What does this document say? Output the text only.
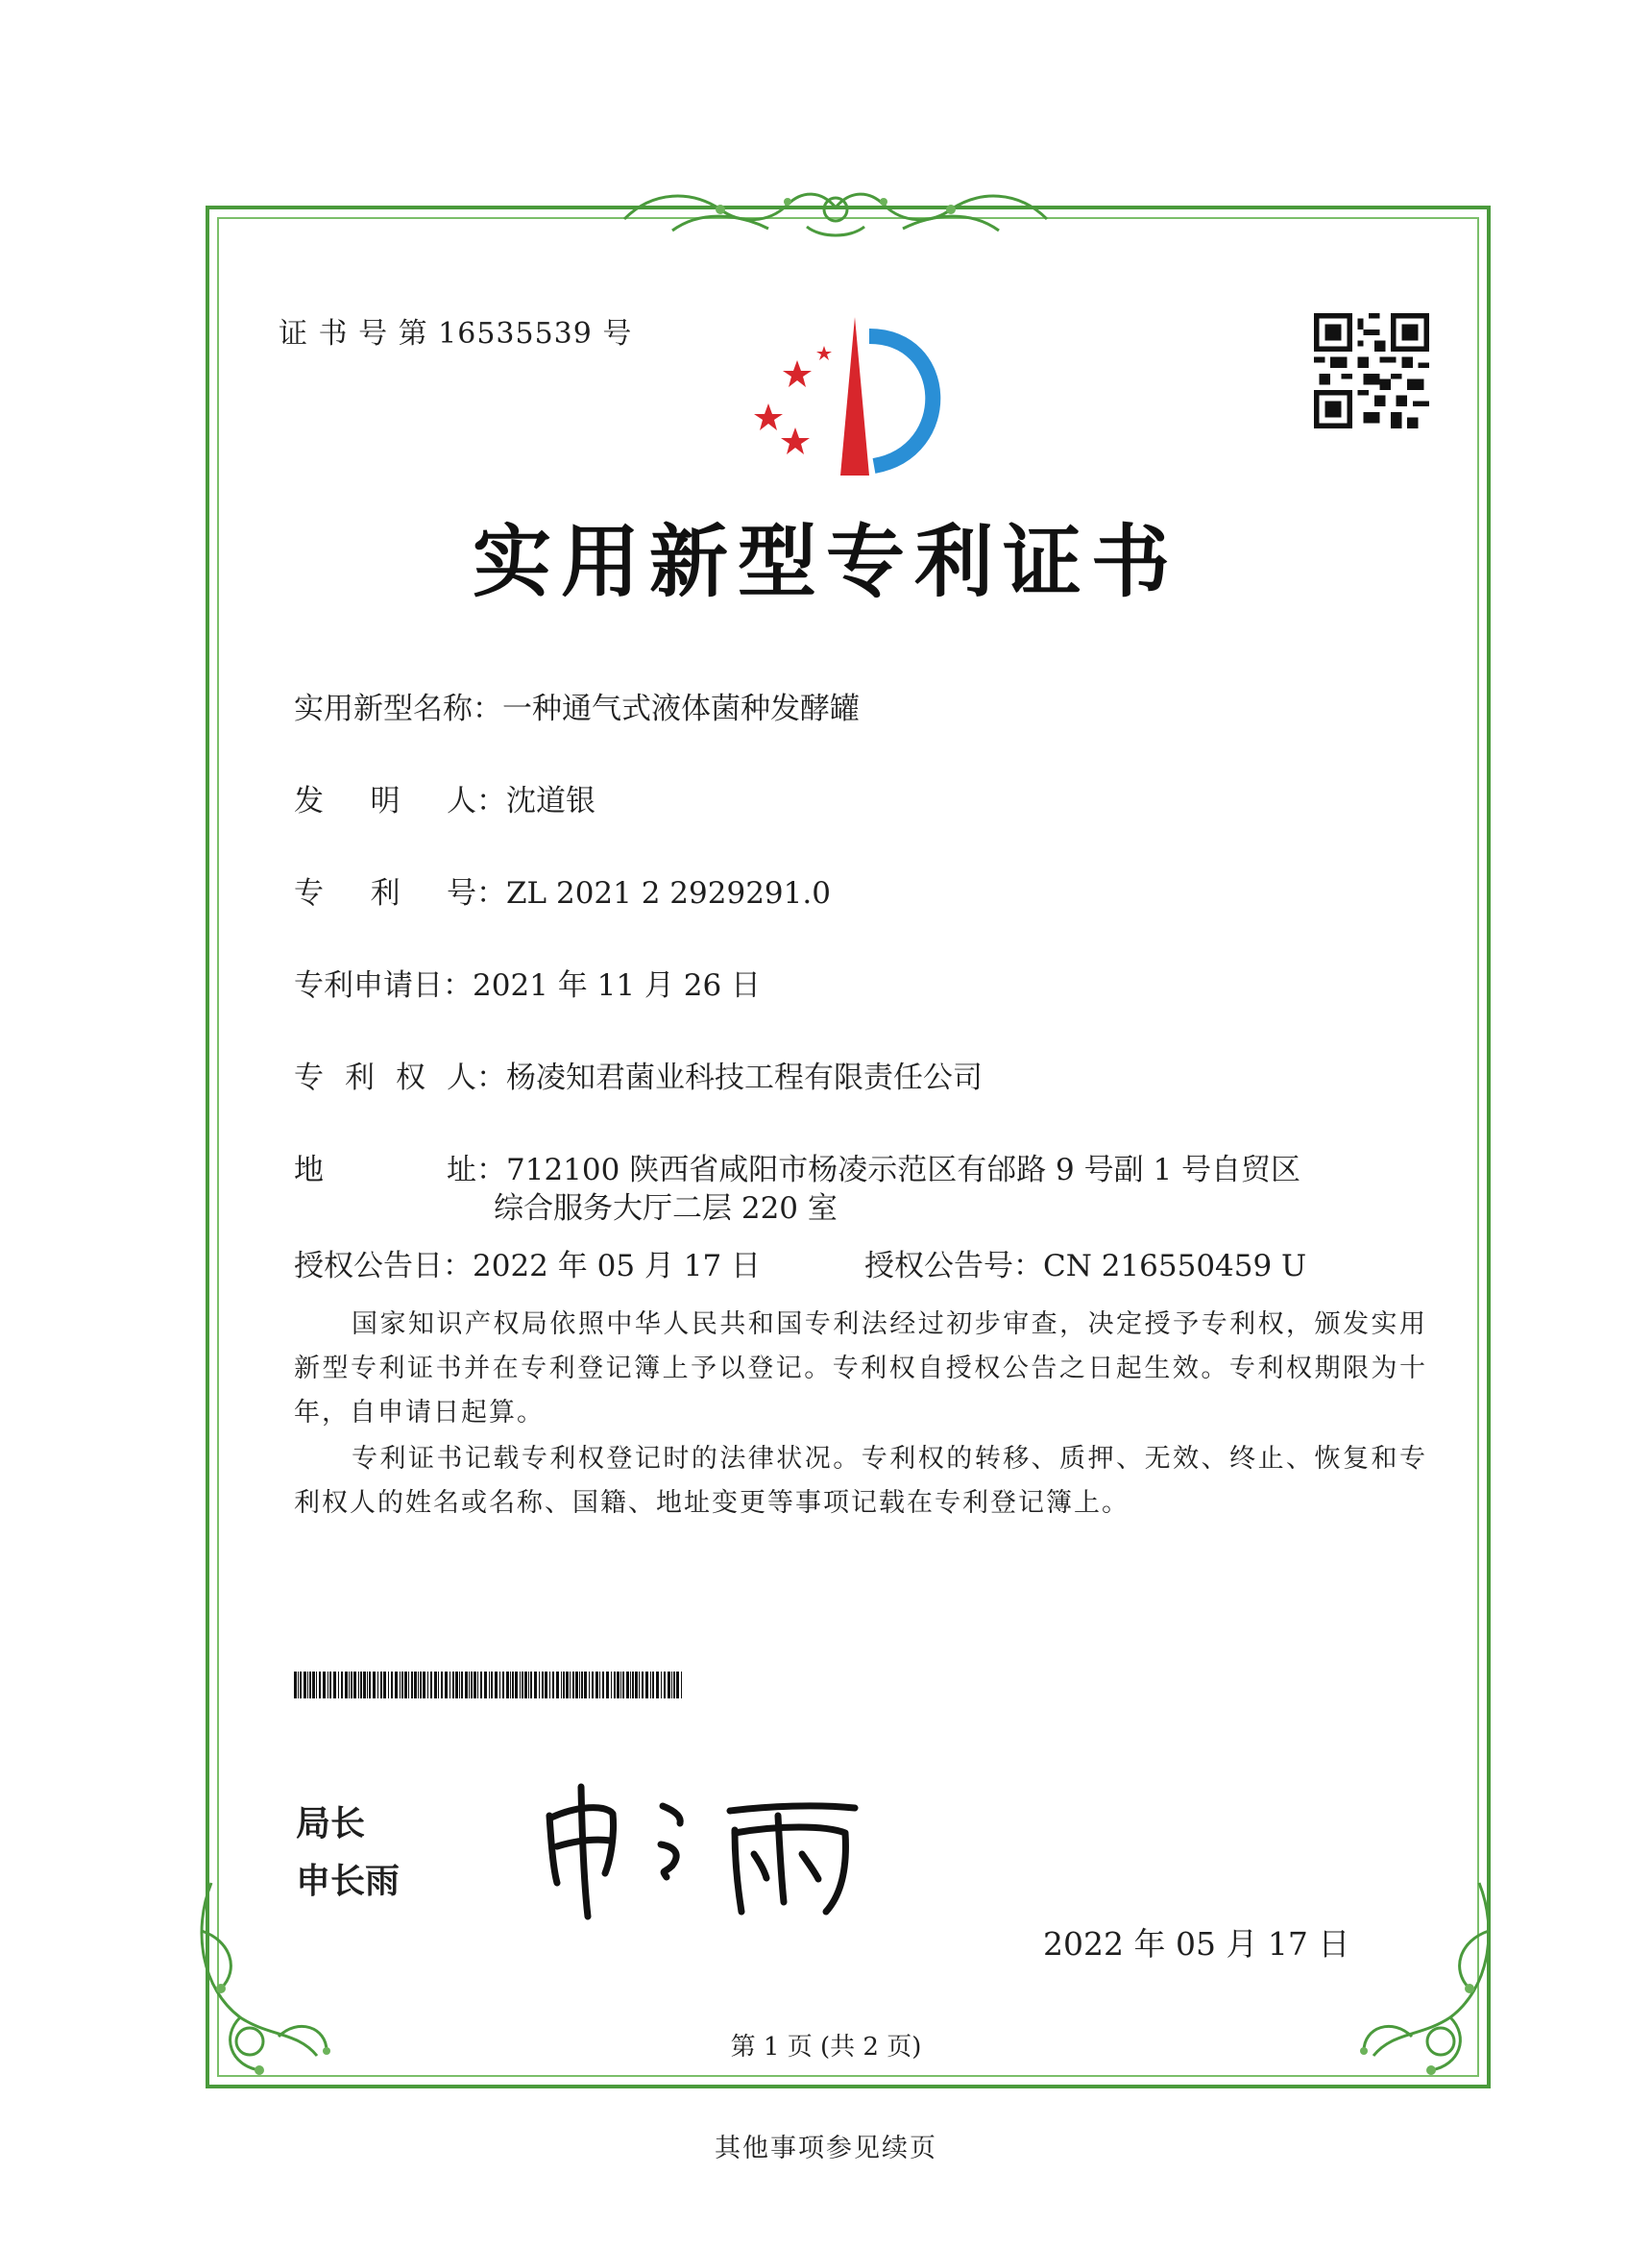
证 书 号 第 16535539 号
实用新型专利证书
实用新型名称：一种通气式液体菌种发酵罐
发明人：沈道银
专利号：ZL 2021 2 2929291.0
专利申请日：2021 年 11 月 26 日
专利权人：杨凌知君菌业科技工程有限责任公司
地址：712100 陕西省咸阳市杨凌示范区有邰路 9 号副 1 号自贸区
综合服务大厅二层 220 室
授权公告日：2022 年 05 月 17 日	授权公告号：CN 216550459 U
国家知识产权局依照中华人民共和国专利法经过初步审查，决定授予专利权，颁发实用新型专利证书并在专利登记簿上予以登记。专利权自授权公告之日起生效。专利权期限为十年，自申请日起算。
专利证书记载专利权登记时的法律状况。专利权的转移、质押、无效、终止、恢复和专利权人的姓名或名称、国籍、地址变更等事项记载在专利登记簿上。
局长
申长雨
2022 年 05 月 17 日
第 1 页 (共 2 页)
其他事项参见续页
